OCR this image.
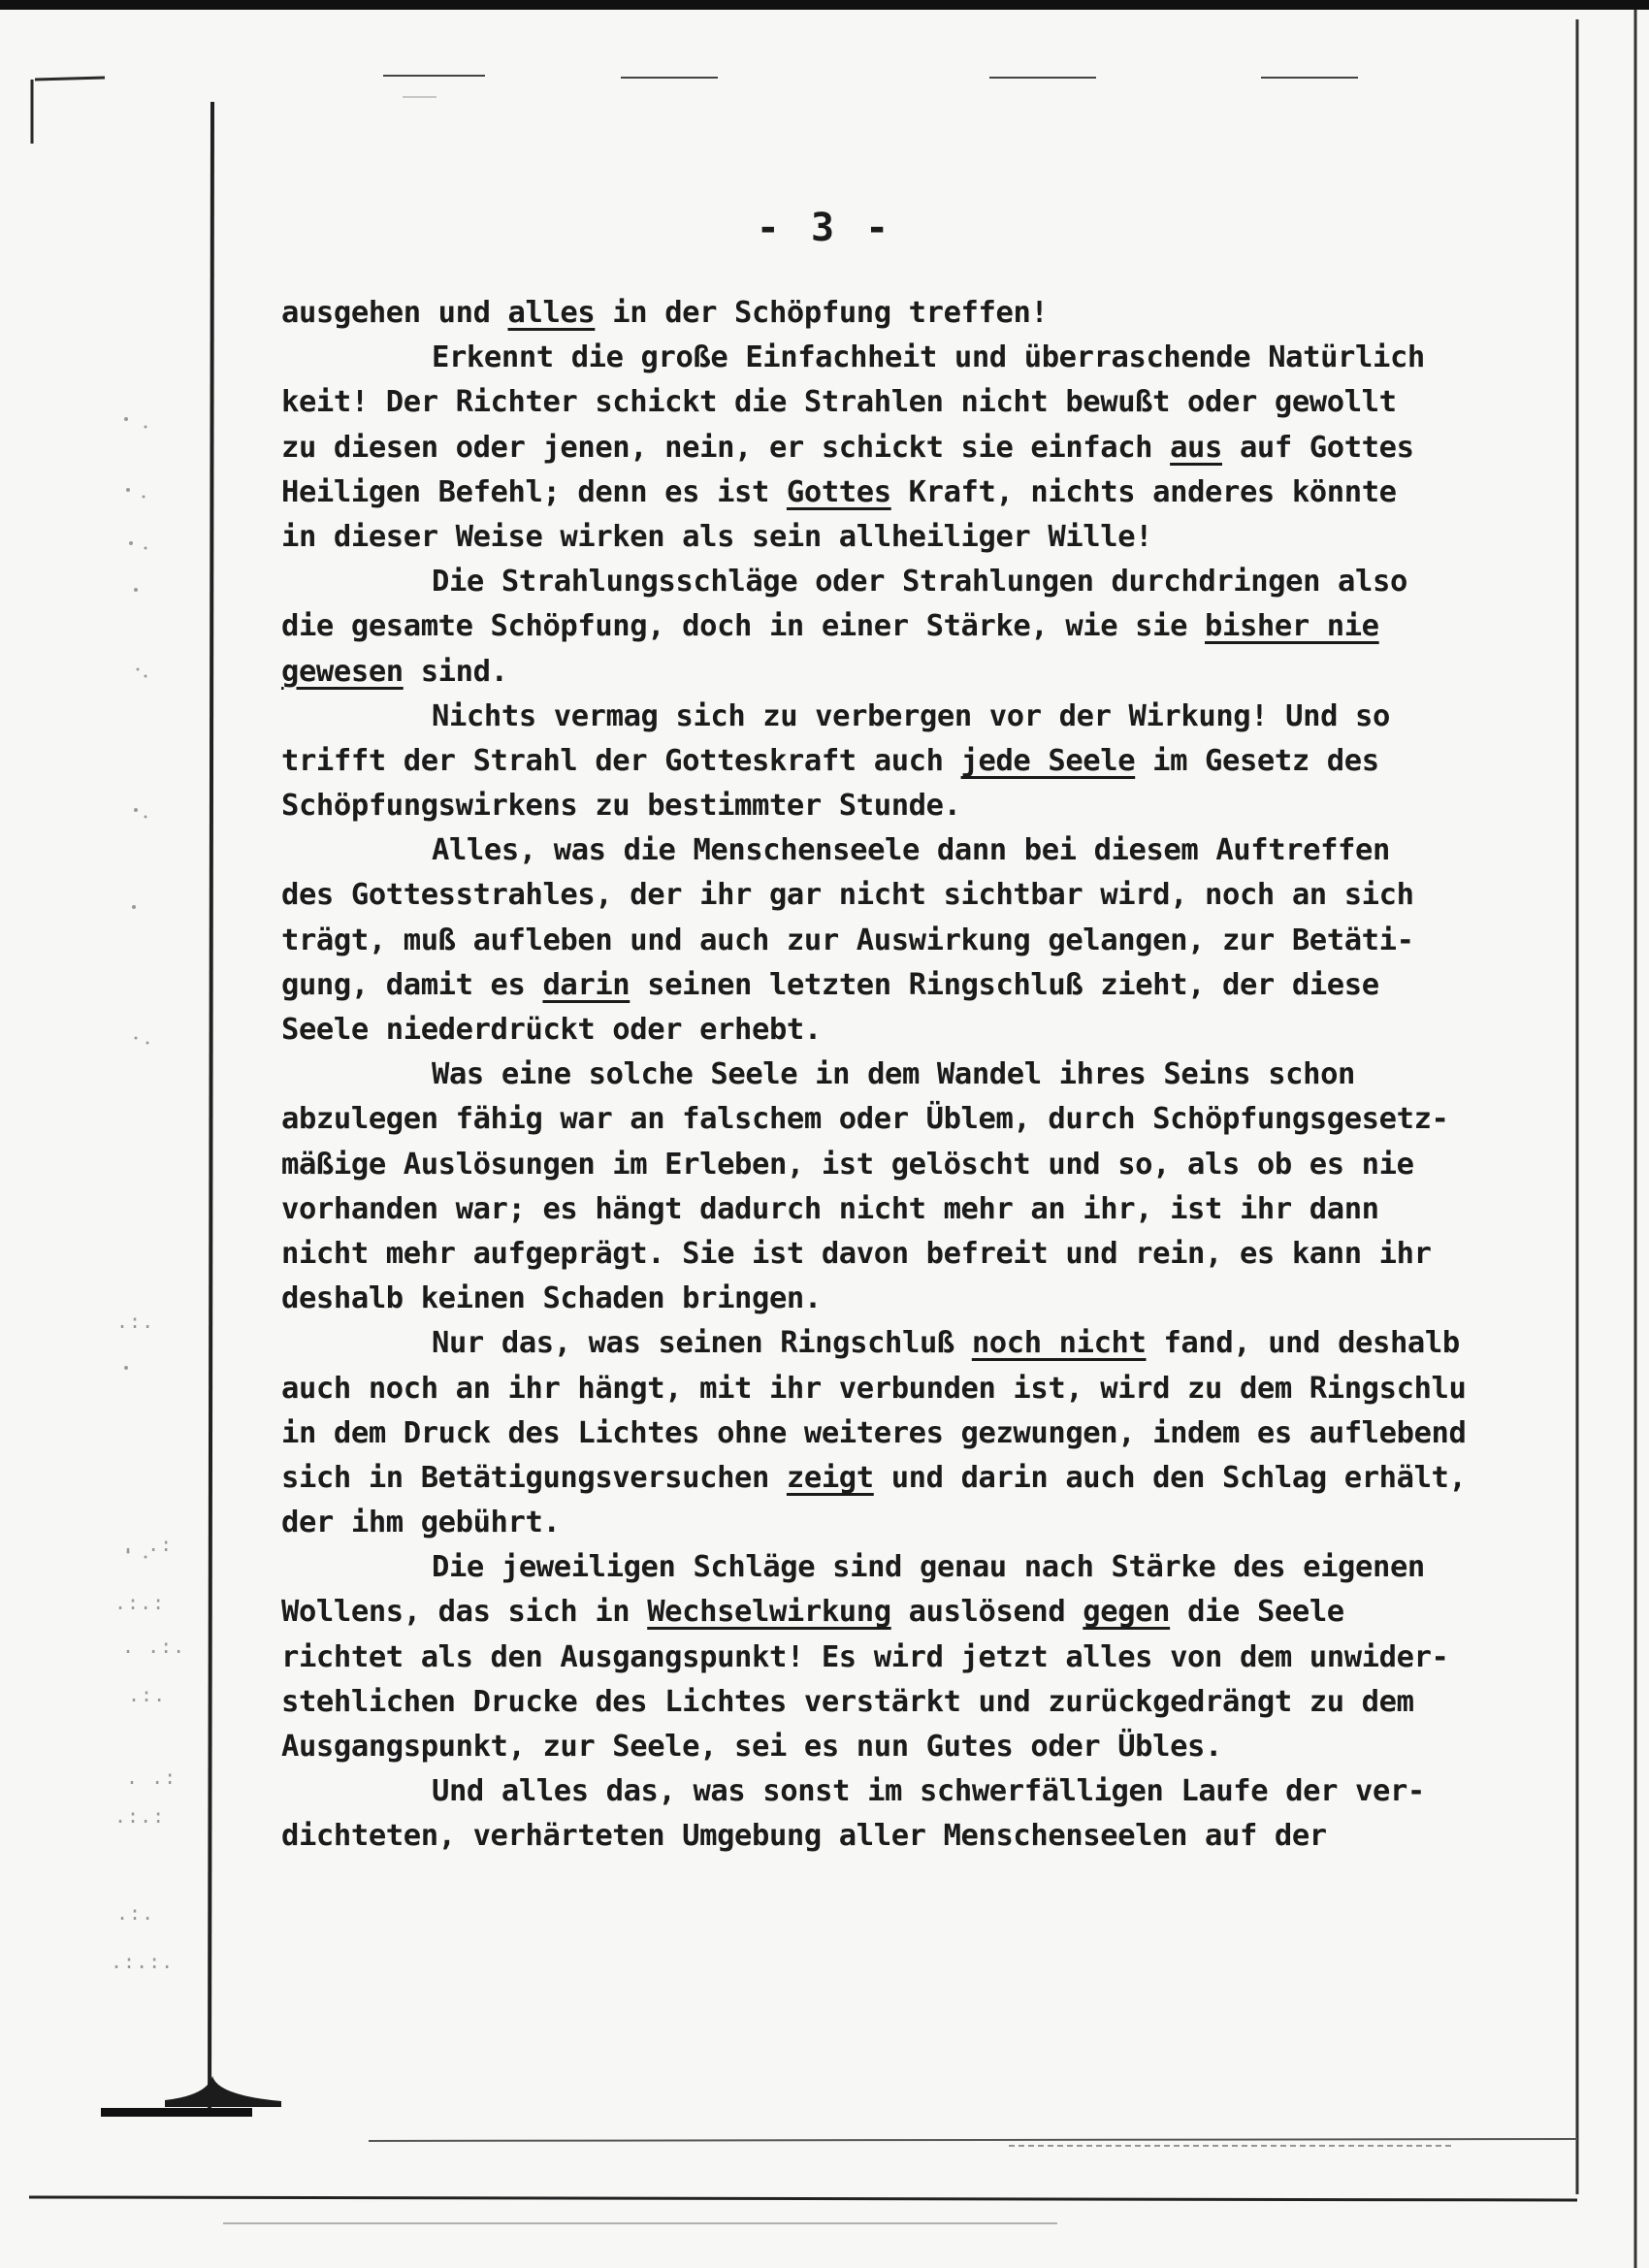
.:.
. .:
.:.:
. .:.
.:.
. .:
.:.:
.:.
.:.:.
- 3 -
ausgehen und alles in der Schöpfung treffen!
Erkennt die große Einfachheit und überraschende Natürlich
keit! Der Richter schickt die Strahlen nicht bewußt oder gewollt
zu diesen oder jenen, nein, er schickt sie einfach aus auf Gottes
Heiligen Befehl; denn es ist Gottes Kraft, nichts anderes könnte
in dieser Weise wirken als sein allheiliger Wille!
Die Strahlungsschläge oder Strahlungen durchdringen also
die gesamte Schöpfung, doch in einer Stärke, wie sie bisher nie
gewesen sind.
Nichts vermag sich zu verbergen vor der Wirkung! Und so
trifft der Strahl der Gotteskraft auch jede Seele im Gesetz des
Schöpfungswirkens zu bestimmter Stunde.
Alles, was die Menschenseele dann bei diesem Auftreffen
des Gottesstrahles, der ihr gar nicht sichtbar wird, noch an sich
trägt, muß aufleben und auch zur Auswirkung gelangen, zur Betäti-
gung, damit es darin seinen letzten Ringschluß zieht, der diese
Seele niederdrückt oder erhebt.
Was eine solche Seele in dem Wandel ihres Seins schon
abzulegen fähig war an falschem oder Üblem, durch Schöpfungsgesetz-
mäßige Auslösungen im Erleben, ist gelöscht und so, als ob es nie
vorhanden war; es hängt dadurch nicht mehr an ihr, ist ihr dann
nicht mehr aufgeprägt. Sie ist davon befreit und rein, es kann ihr
deshalb keinen Schaden bringen.
Nur das, was seinen Ringschluß noch nicht fand, und deshalb
auch noch an ihr hängt, mit ihr verbunden ist, wird zu dem Ringschlu
in dem Druck des Lichtes ohne weiteres gezwungen, indem es auflebend
sich in Betätigungsversuchen zeigt und darin auch den Schlag erhält,
der ihm gebührt.
Die jeweiligen Schläge sind genau nach Stärke des eigenen
Wollens, das sich in Wechselwirkung auslösend gegen die Seele
richtet als den Ausgangspunkt! Es wird jetzt alles von dem unwider-
stehlichen Drucke des Lichtes verstärkt und zurückgedrängt zu dem
Ausgangspunkt, zur Seele, sei es nun Gutes oder Übles.
Und alles das, was sonst im schwerfälligen Laufe der ver-
dichteten, verhärteten Umgebung aller Menschenseelen auf der
